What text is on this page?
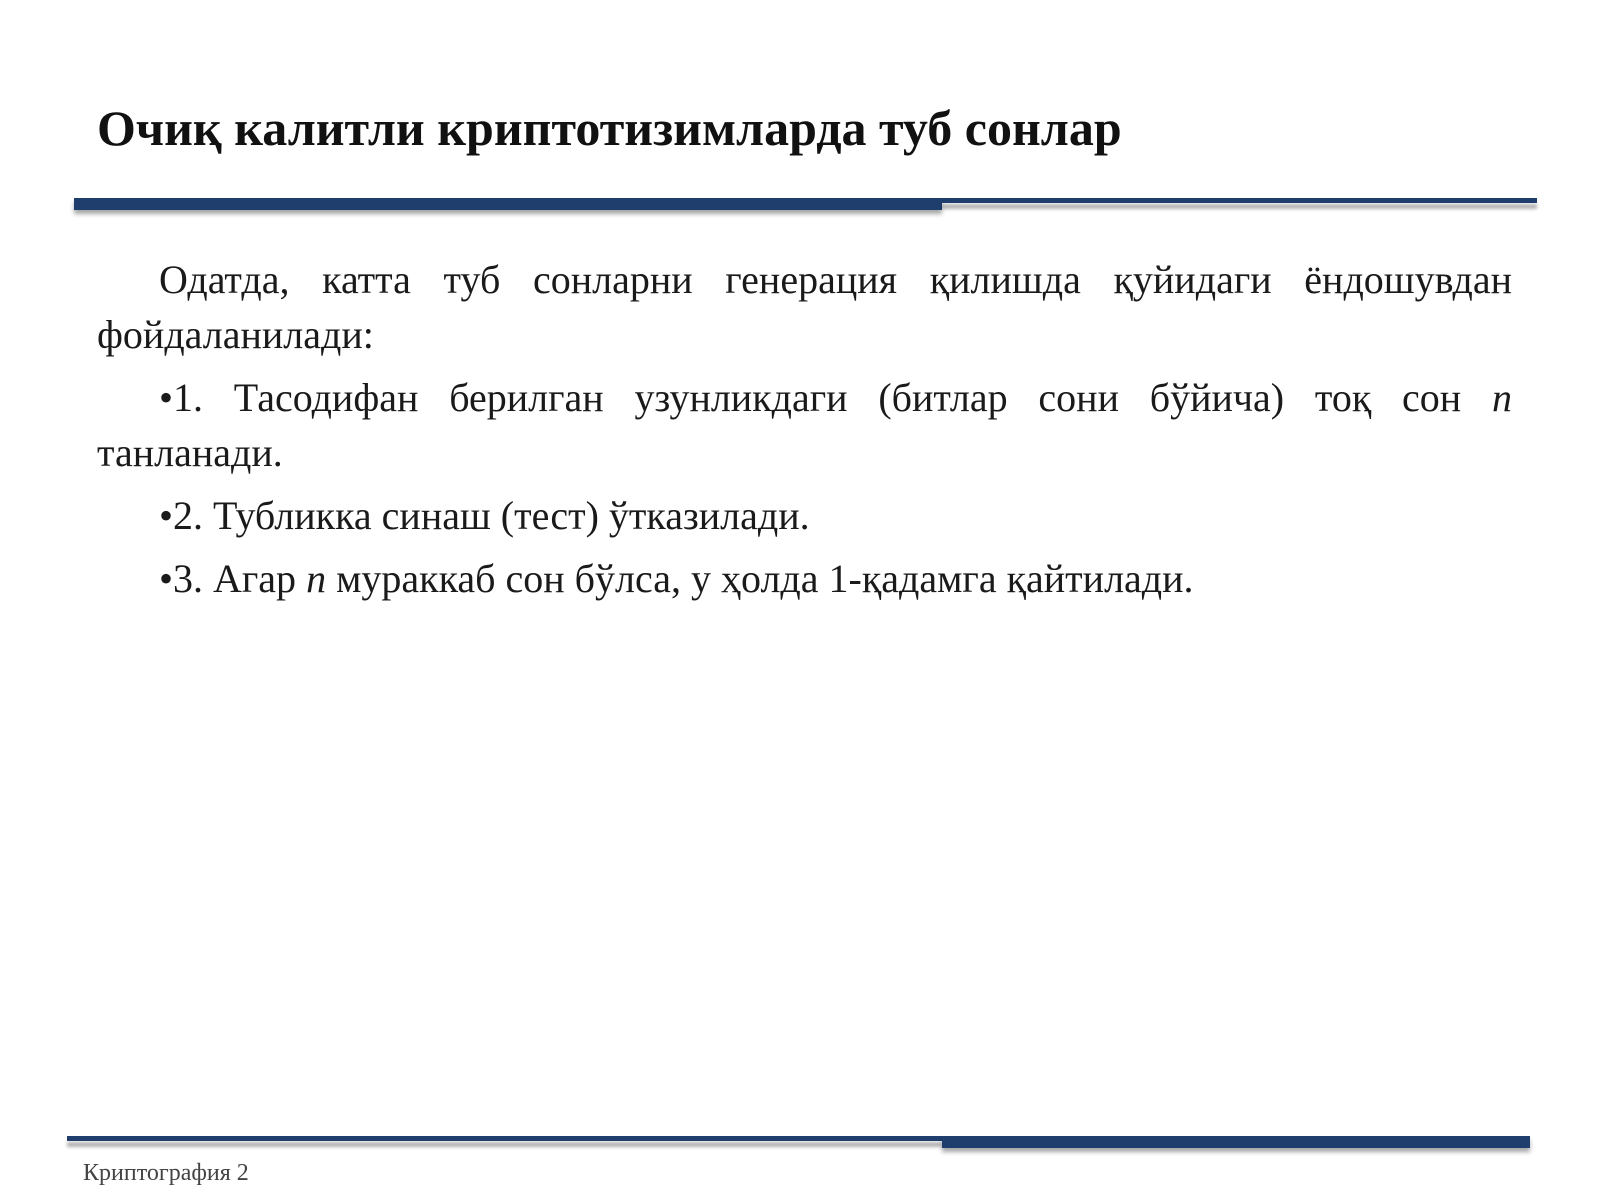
Очиқ калитли криптотизимларда туб сонлар

Одатда, катта туб сонларни генерация қилишда қуйидаги ёндошувдан фойдаланилади:

•1. Тасодифан берилган узунликдаги (битлар сони бўйича) тоқ сон n танланади.

•2. Тубликка синаш (тест) ўтказилади.

•3. Агар n мураккаб сон бўлса, у ҳолда 1-қадамга қайтилади.

Криптография 2
